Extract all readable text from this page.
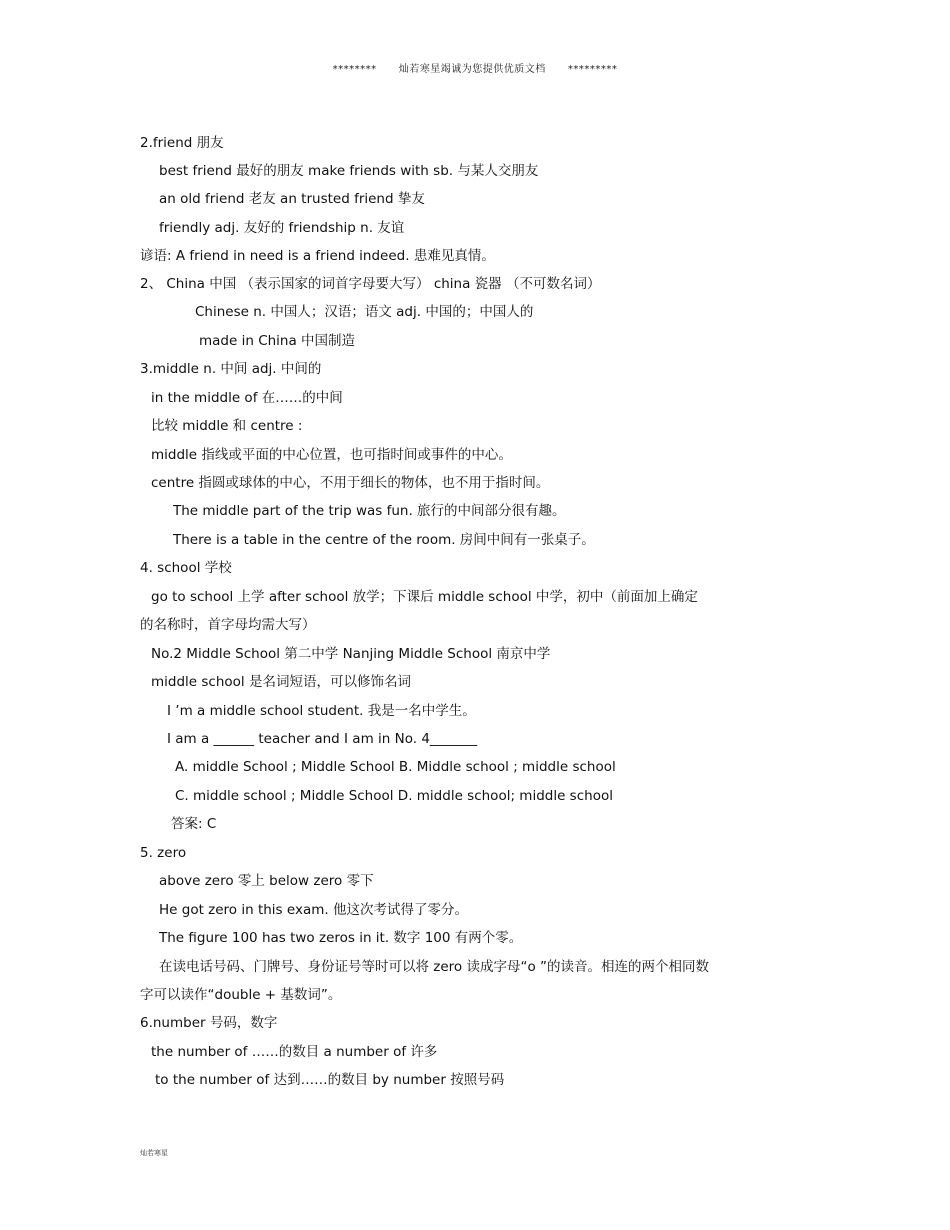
********      灿若寒星竭诚为您提供优质文档      *********
2.friend 朋友
best friend 最好的朋友 make friends with sb. 与某人交朋友
an old friend 老友 an trusted friend 挚友
friendly adj. 友好的 friendship n. 友谊
谚语: A friend in need is a friend indeed. 患难见真情。
2、 China 中国 （表示国家的词首字母要大写） china 瓷器 （不可数名词）
Chinese n. 中国人；汉语；语文 adj. 中国的；中国人的
made in China 中国制造
3.middle n. 中间 adj. 中间的
in the middle of 在……的中间
比较 middle 和 centre :
middle 指线或平面的中心位置，也可指时间或事件的中心。
centre 指圆或球体的中心，不用于细长的物体，也不用于指时间。
The middle part of the trip was fun. 旅行的中间部分很有趣。
There is a table in the centre of the room. 房间中间有一张桌子。
4. school 学校
go to school 上学 after school 放学；下课后 middle school 中学，初中（前面加上确定
的名称时，首字母均需大写）
No.2 Middle School 第二中学 Nanjing Middle School 南京中学
middle school 是名词短语，可以修饰名词
I ’m a middle school student. 我是一名中学生。
I am a ______ teacher and I am in No. 4_______
A. middle School ; Middle School B. Middle school ; middle school
C. middle school ; Middle School D. middle school; middle school
答案: C
5. zero
above zero 零上 below zero 零下
He got zero in this exam. 他这次考试得了零分。
The figure 100 has two zeros in it. 数字 100 有两个零。
在读电话号码、门牌号、身份证号等时可以将 zero 读成字母“o ”的读音。相连的两个相同数
字可以读作“double + 基数词”。
6.number 号码，数字
the number of ……的数目 a number of 许多
to the number of 达到……的数目 by number 按照号码
灿若寒星
